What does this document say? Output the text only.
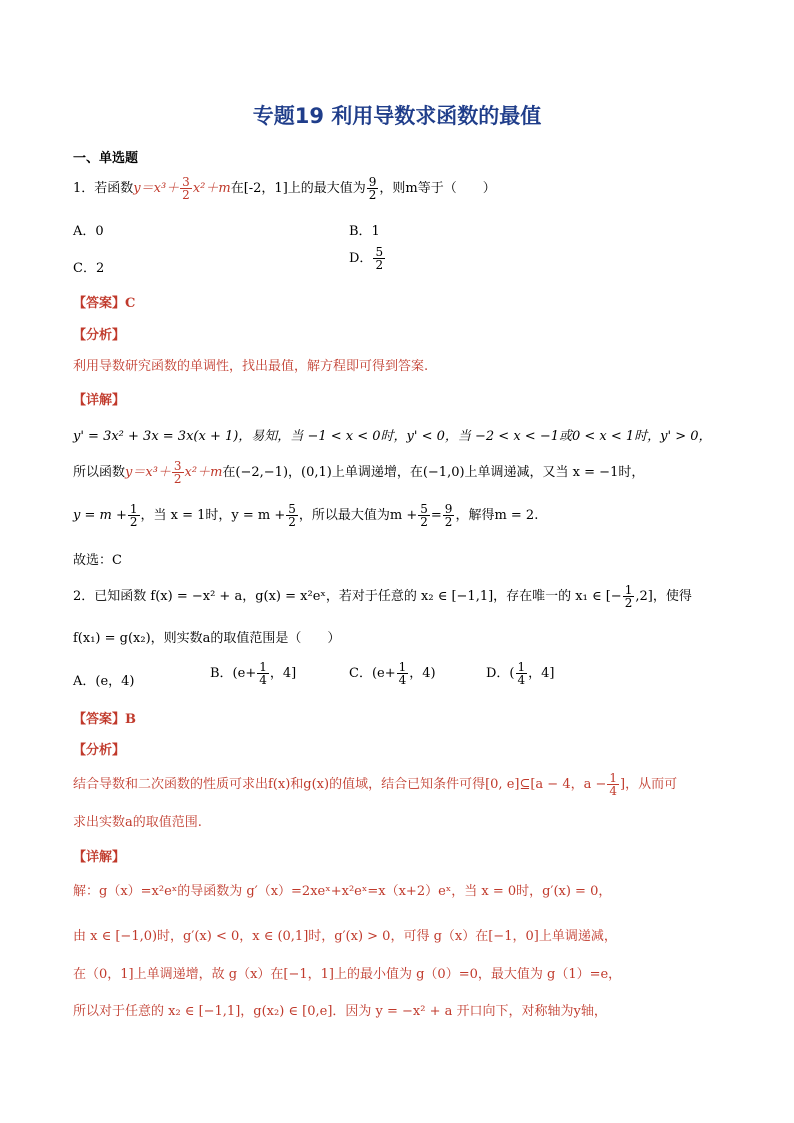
专题19 利用导数求函数的最值
一、单选题
1．若函数$y=x^3+ \frac{3}{2} x^2+m$在[-2，1]上的最大值为 $\frac{9}{2}$ ，则m等于（　　）
A．0	B．1
C．2
D． $\frac{5}{2}$
【答案】C
【分析】
利用导数研究函数的单调性，找出最值，解方程即可得到答案.
【详解】
y' = 3x² + 3x = 3x(x + 1)，易知，当 −1 < x < 0时，y' < 0，当 −2 < x < −1或0 < x < 1时，y' > 0，
所以函数$y=x^3+ \frac{3}{2} x^2+m$在(−2,−1)，(0,1)上单调递增，在(−1,0)上单调递减，又当 x = −1时，
$y = m + \frac{1}{2}$ ，当 x = 1时，$y = m + \frac{5}{2}$ ，所以最大值为$m + \frac{5}{2} = \frac{9}{2}$ ，解得m = 2.
故选：C
2．已知函数 f(x) = −x² + a，g(x) = x²eˣ，若对于任意的 x₂ ∈ [−1,1]，存在唯一的 x₁ ∈ [− $\frac{1}{2} ,2$]，使得
f(x₁) = g(x₂)，则实数a的取值范围是（　　）
A．(e，4)
B．($e+ \frac{1}{4}$ ，4]	C．($e+ \frac{1}{4}$ ，4)	D．( $\frac{1}{4}$ ，4]
【答案】B
【分析】
结合导数和二次函数的性质可求出f(x)和g(x)的值域，结合已知条件可得[0, e]⊆[a − 4，$a - \frac{1}{4}$ ]，从而可
求出实数a的取值范围.
【详解】
解：g（x）=x²eˣ的导函数为 g′（x）=2xeˣ+x²eˣ=x（x+2）eˣ，当 x = 0时，g′(x) = 0，
由 x ∈ [−1,0)时，g′(x) < 0，x ∈ (0,1]时，g′(x) > 0，可得 g（x）在[−1，0]上单调递减，
在（0，1]上单调递增，故 g（x）在[−1，1]上的最小值为 g（0）=0，最大值为 g（1）=e，
所以对于任意的 x₂ ∈ [−1,1]，g(x₂) ∈ [0,e]．因为 y = −x² + a 开口向下，对称轴为y轴，
